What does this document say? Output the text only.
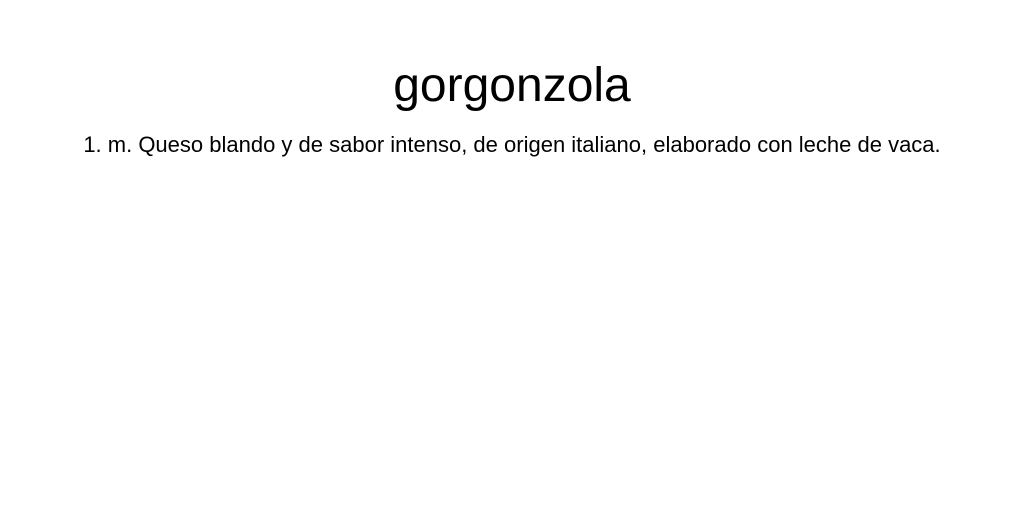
gorgonzola

1. m. Queso blando y de sabor intenso, de origen italiano, elaborado con leche de vaca.
